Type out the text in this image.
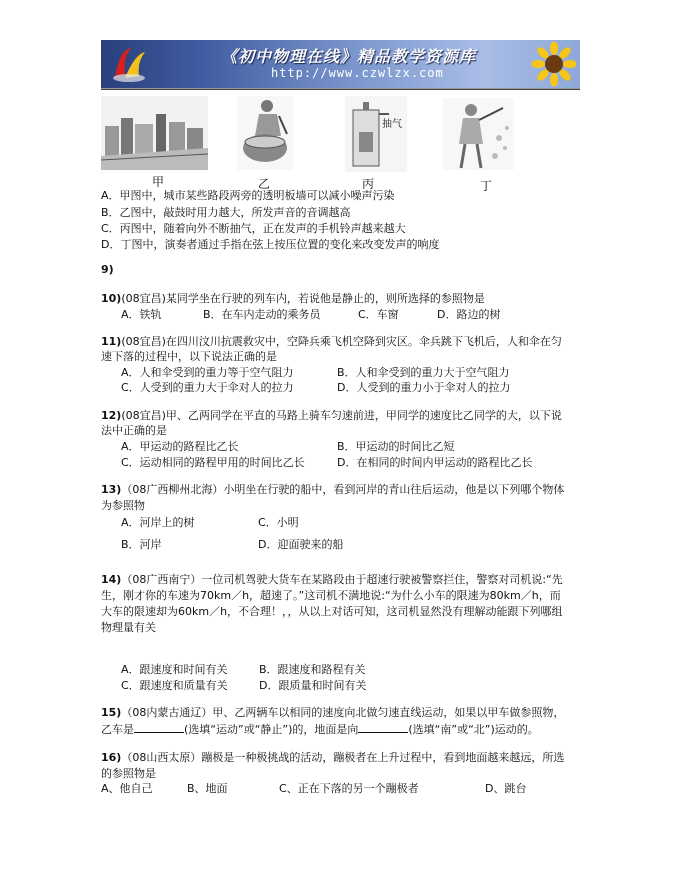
《初中物理在线》精品教学资源库
http://www.czwlzx.com
甲	乙
抽气
丙	丁
A．甲图中，城市某些路段两旁的透明板墙可以减小噪声污染
B．乙图中，敲鼓时用力越大，所发声音的音调越高
C．丙图中，随着向外不断抽气，正在发声的手机铃声越来越大
D．丁图中，演奏者通过手指在弦上按压位置的变化来改变发声的响度
9)
10)(08宜昌)某同学坐在行驶的列车内，若说他是静止的，则所选择的参照物是
A．铁轨	B．在车内走动的乘务员	C．车窗	D．路边的树
11)(08宜昌)在四川汶川抗震救灾中，空降兵乘飞机空降到灾区。伞兵跳下飞机后，人和伞在匀
速下落的过程中，以下说法正确的是
A．人和伞受到的重力等于空气阻力	B．人和伞受到的重力大于空气阻力
C．人受到的重力大于伞对人的拉力	D．人受到的重力小于伞对人的拉力
12)(08宜昌)甲、乙两同学在平直的马路上骑车匀速前进，甲同学的速度比乙同学的大，以下说
法中正确的是
A．甲运动的路程比乙长	B．甲运动的时间比乙短
C．运动相同的路程甲用的时间比乙长	D．在相同的时间内甲运动的路程比乙长
13)（08广西柳州北海）小明坐在行驶的船中，看到河岸的青山往后运动，他是以下列哪个物体
为参照物
A．河岸上的树	C．小明
B．河岸	D．迎面驶来的船
14)（08广西南宁）一位司机驾驶大货车在某路段由于超速行驶被警察拦住，警察对司机说:“先
生，刚才你的车速为70km／h，超速了。”这司机不满地说:“为什么小车的限速为80km／h，而
大车的限速却为60km／h，不合理！，，从以上对话可知，这司机显然没有理解动能跟下列哪组
物理量有关
A．跟速度和时间有关	B．跟速度和路程有关
C．跟速度和质量有关	D．跟质量和时间有关
15)（08内蒙古通辽）甲、乙两辆车以相同的速度向北做匀速直线运动，如果以甲车做参照物，
乙车是	(选填“运动”或“静止”)的，地面是向	(选填“南”或“北”)运动的。
16)（08山西太原）蹦极是一种极挑战的活动，蹦极者在上升过程中，看到地面越来越远，所选
的参照物是
A、他自己	B、地面	C、正在下落的另一个蹦极者	D、跳台
